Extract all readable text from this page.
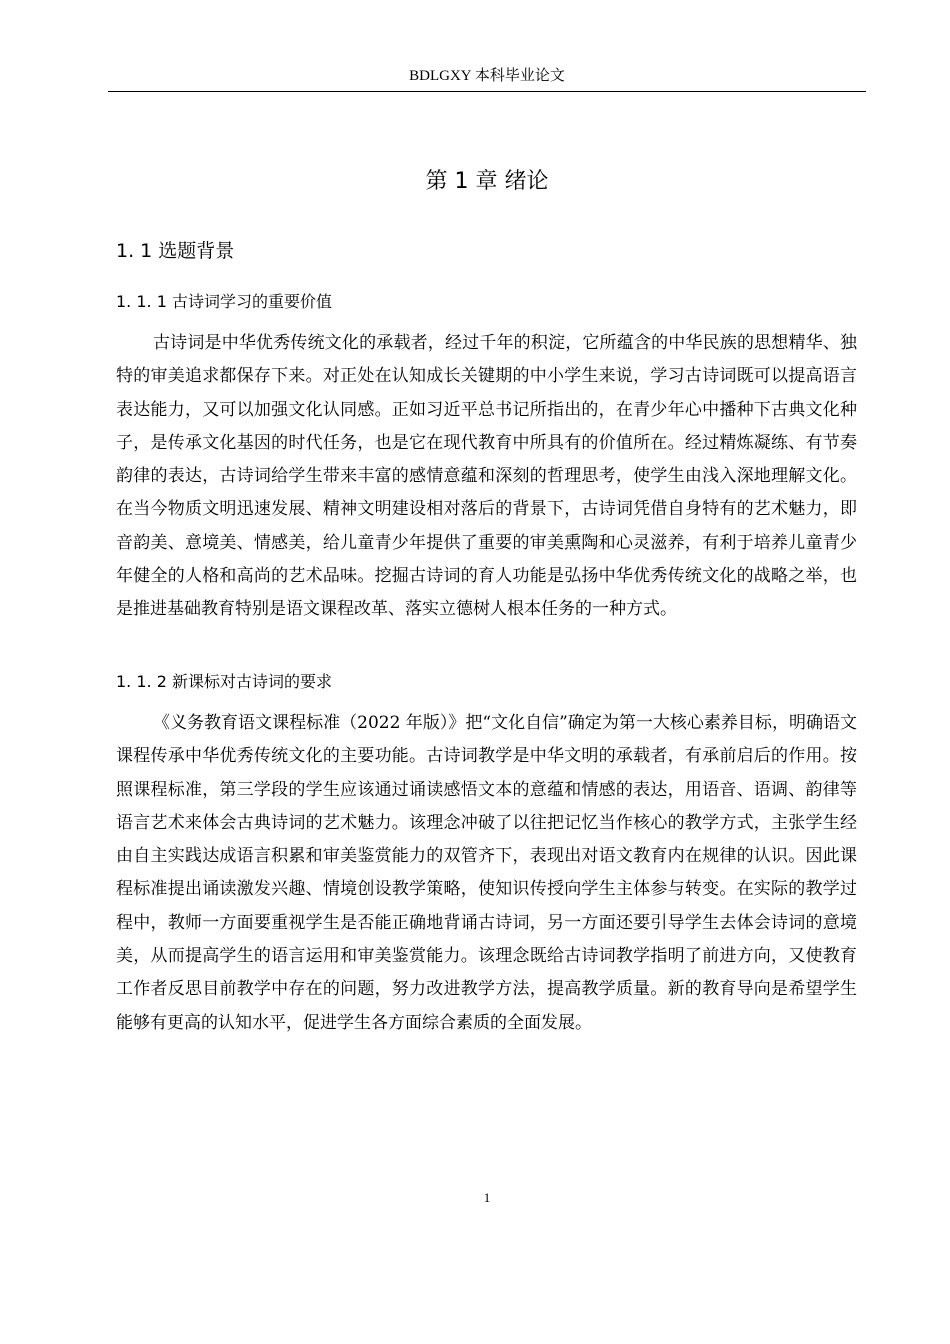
BDLGXY 本科毕业论文
第 1 章 绪论
1. 1 选题背景
1. 1. 1 古诗词学习的重要价值

古诗词是中华优秀传统文化的承载者，经过千年的积淀，它所蕴含的中华民族的思想精华、独特的审美追求都保存下来。对正处在认知成长关键期的中小学生来说，学习古诗词既可以提高语言表达能力，又可以加强文化认同感。正如习近平总书记所指出的，在青少年心中播种下古典文化种子，是传承文化基因的时代任务，也是它在现代教育中所具有的价值所在。经过精炼凝练、有节奏韵律的表达，古诗词给学生带来丰富的感情意蕴和深刻的哲理思考，使学生由浅入深地理解文化。在当今物质文明迅速发展、精神文明建设相对落后的背景下，古诗词凭借自身特有的艺术魅力，即音韵美、意境美、情感美，给儿童青少年提供了重要的审美熏陶和心灵滋养，有利于培养儿童青少年健全的人格和高尚的艺术品味。挖掘古诗词的育人功能是弘扬中华优秀传统文化的战略之举，也是推进基础教育特别是语文课程改革、落实立德树人根本任务的一种方式。

1. 1. 2 新课标对古诗词的要求

《义务教育语文课程标准（2022 年版）》把“文化自信”确定为第一大核心素养目标，明确语文课程传承中华优秀传统文化的主要功能。古诗词教学是中华文明的承载者，有承前启后的作用。按照课程标准，第三学段的学生应该通过诵读感悟文本的意蕴和情感的表达，用语音、语调、韵律等语言艺术来体会古典诗词的艺术魅力。该理念冲破了以往把记忆当作核心的教学方式，主张学生经由自主实践达成语言积累和审美鉴赏能力的双管齐下，表现出对语文教育内在规律的认识。因此课程标准提出诵读激发兴趣、情境创设教学策略，使知识传授向学生主体参与转变。在实际的教学过程中，教师一方面要重视学生是否能正确地背诵古诗词，另一方面还要引导学生去体会诗词的意境美，从而提高学生的语言运用和审美鉴赏能力。该理念既给古诗词教学指明了前进方向，又使教育工作者反思目前教学中存在的问题，努力改进教学方法，提高教学质量。新的教育导向是希望学生能够有更高的认知水平，促进学生各方面综合素质的全面发展。

1
